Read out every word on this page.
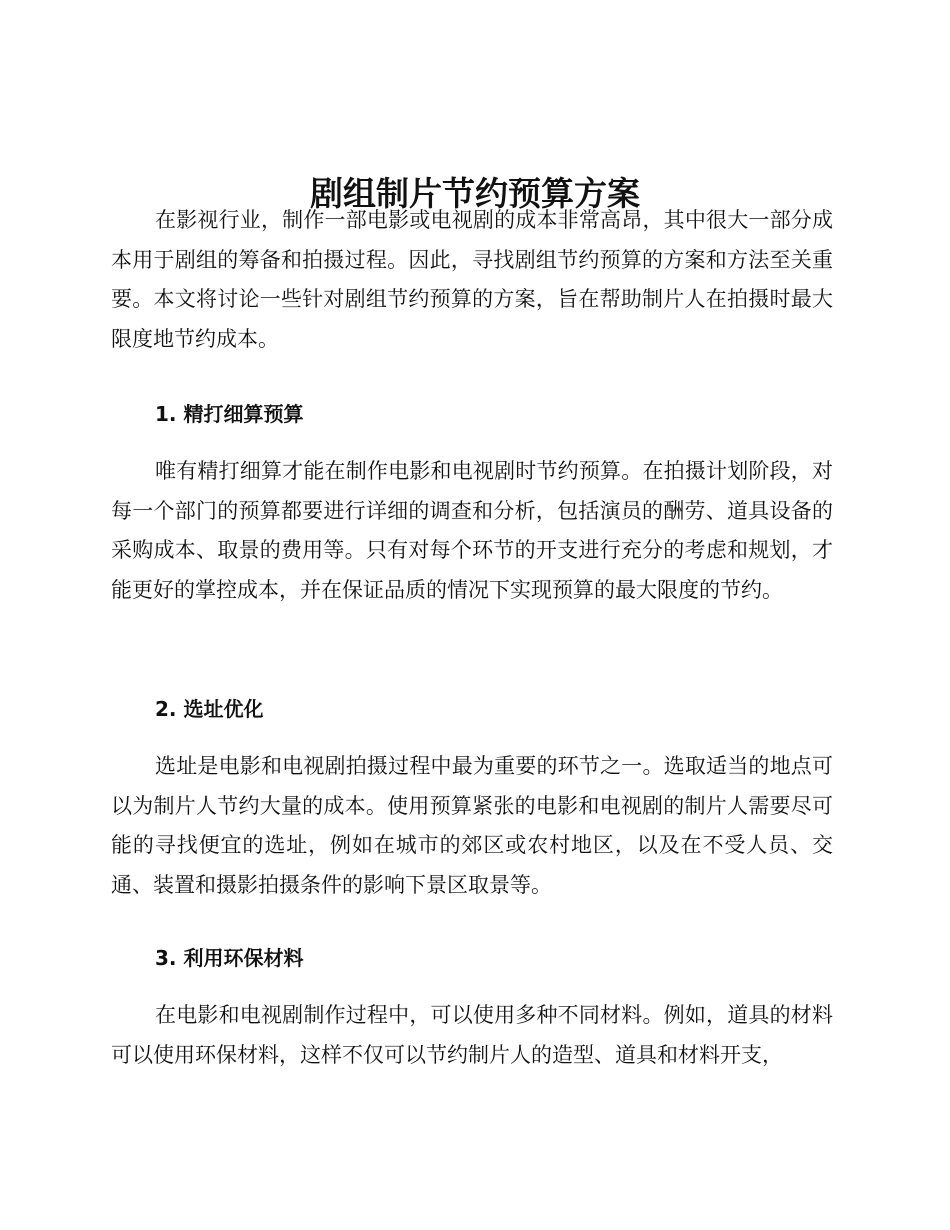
剧组制片节约预算方案

在影视行业，制作一部电影或电视剧的成本非常高昂，其中很大一部分成本用于剧组的筹备和拍摄过程。因此，寻找剧组节约预算的方案和方法至关重要。本文将讨论一些针对剧组节约预算的方案，旨在帮助制片人在拍摄时最大限度地节约成本。

1. 精打细算预算

唯有精打细算才能在制作电影和电视剧时节约预算。在拍摄计划阶段，对每一个部门的预算都要进行详细的调查和分析，包括演员的酬劳、道具设备的采购成本、取景的费用等。只有对每个环节的开支进行充分的考虑和规划，才能更好的掌控成本，并在保证品质的情况下实现预算的最大限度的节约。

2. 选址优化

选址是电影和电视剧拍摄过程中最为重要的环节之一。选取适当的地点可以为制片人节约大量的成本。使用预算紧张的电影和电视剧的制片人需要尽可能的寻找便宜的选址，例如在城市的郊区或农村地区，以及在不受人员、交通、装置和摄影拍摄条件的影响下景区取景等。

3. 利用环保材料

在电影和电视剧制作过程中，可以使用多种不同材料。例如，道具的材料可以使用环保材料，这样不仅可以节约制片人的造型、道具和材料开支，
